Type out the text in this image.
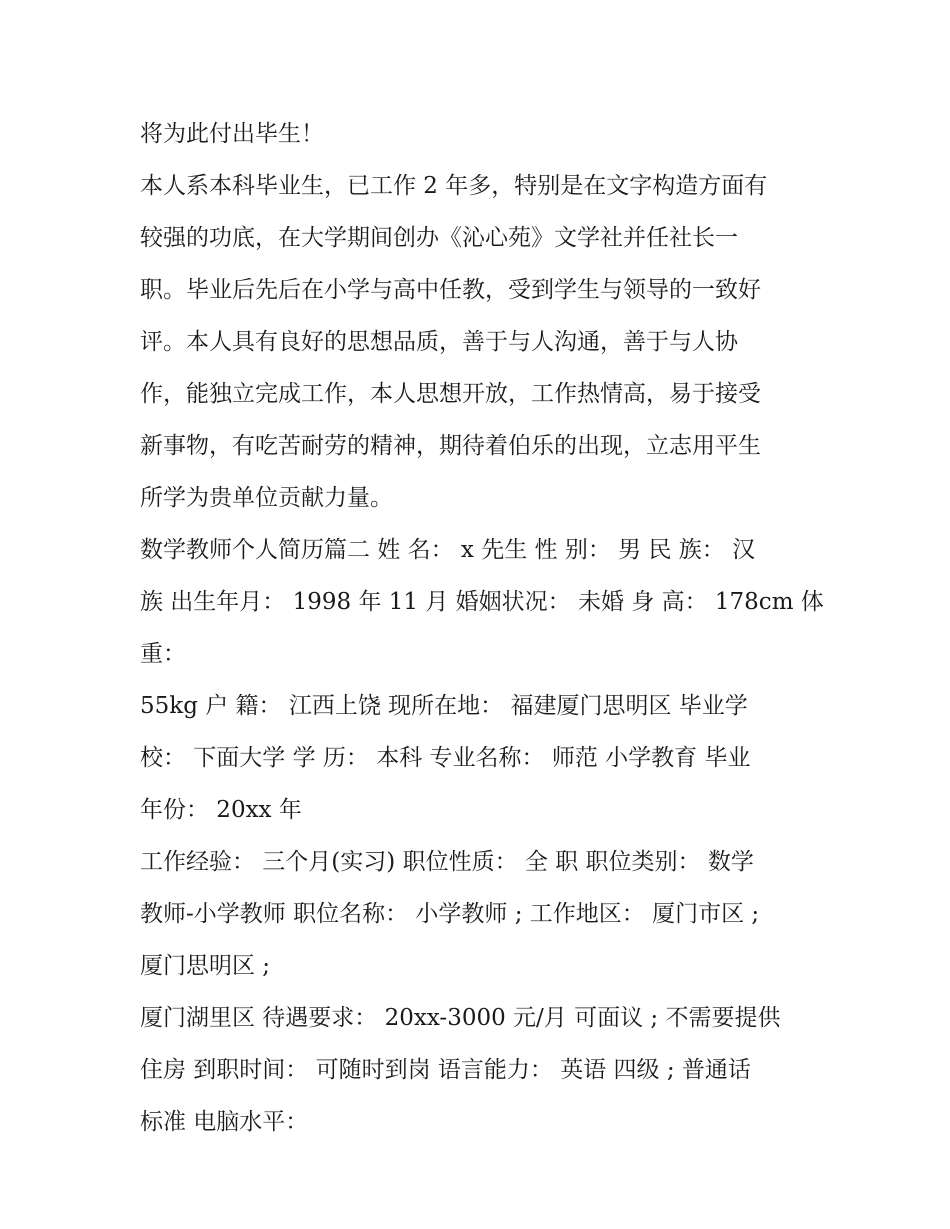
将为此付出毕生！

本人系本科毕业生，已工作 2 年多，特别是在文字构造方面有
较强的功底，在大学期间创办《沁心苑》文学社并任社长一
职。毕业后先后在小学与高中任教，受到学生与领导的一致好
评。本人具有良好的思想品质，善于与人沟通，善于与人协
作，能独立完成工作，本人思想开放，工作热情高，易于接受
新事物，有吃苦耐劳的精神，期待着伯乐的出现，立志用平生
所学为贵单位贡献力量。

数学教师个人简历篇二 姓 名： x 先生 性 别： 男 民 族： 汉
族 出生年月： 1998 年 11 月 婚姻状况： 未婚 身 高： 178cm 体
重：

55kg 户 籍： 江西上饶 现所在地： 福建厦门思明区 毕业学
校： 下面大学 学 历： 本科 专业名称： 师范 小学教育 毕业
年份： 20xx 年

工作经验： 三个月(实习) 职位性质： 全 职 职位类别： 数学
教师-小学教师 职位名称： 小学教师 ; 工作地区： 厦门市区 ;
厦门思明区 ;

厦门湖里区 待遇要求： 20xx-3000 元/月 可面议 ; 不需要提供
住房 到职时间： 可随时到岗 语言能力： 英语 四级 ; 普通话
标准 电脑水平：
